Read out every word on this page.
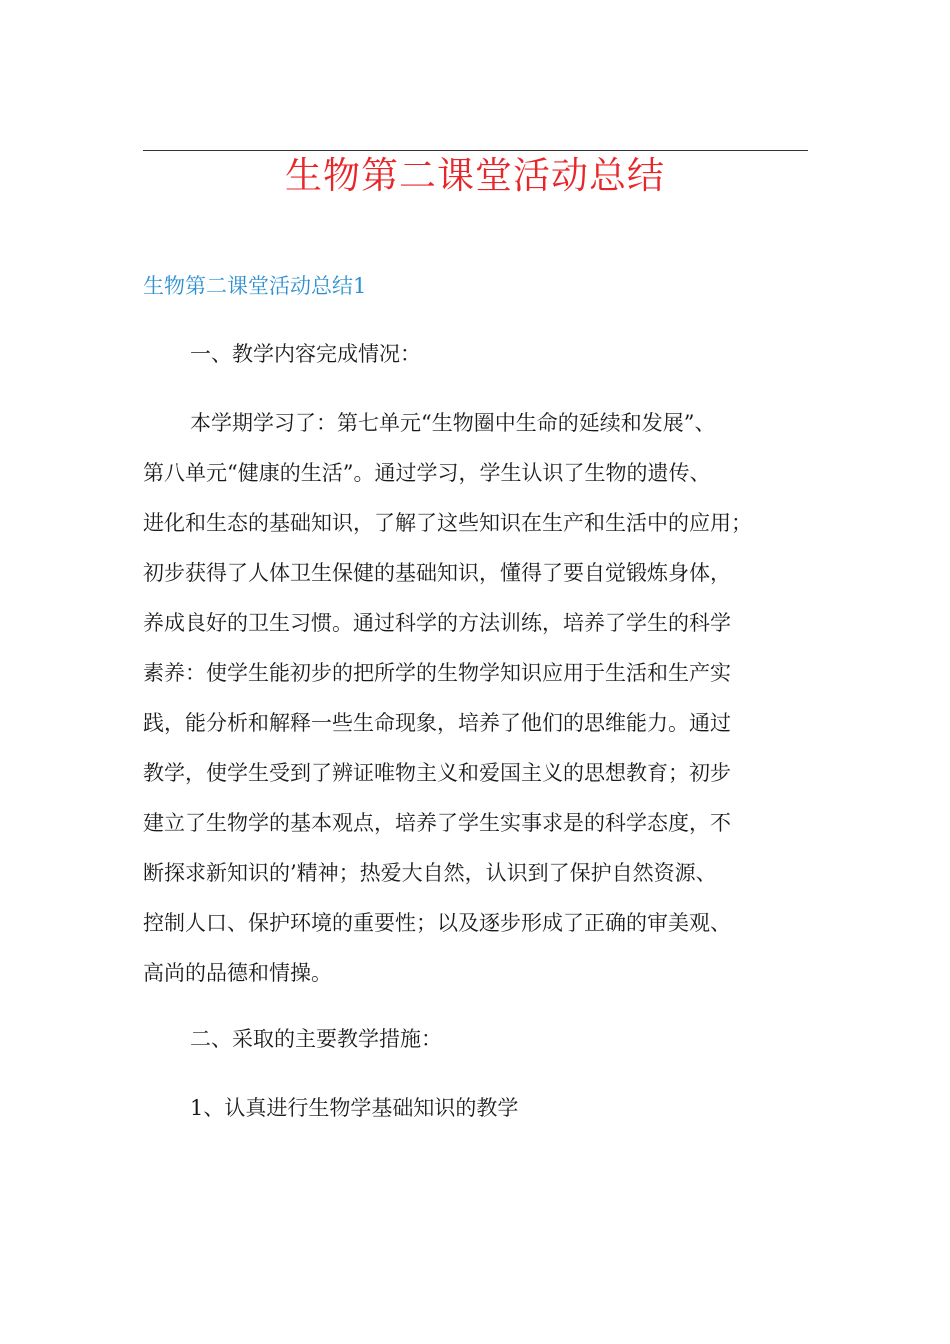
生物第二课堂活动总结
生物第二课堂活动总结1
一、教学内容完成情况：
本学期学习了：第七单元“生物圈中生命的延续和发展”、
第八单元“健康的生活”。通过学习，学生认识了生物的遗传、
进化和生态的基础知识，了解了这些知识在生产和生活中的应用；
初步获得了人体卫生保健的基础知识，懂得了要自觉锻炼身体，
养成良好的卫生习惯。通过科学的方法训练，培养了学生的科学
素养：使学生能初步的把所学的生物学知识应用于生活和生产实
践，能分析和解释一些生命现象，培养了他们的思维能力。通过
教学，使学生受到了辨证唯物主义和爱国主义的思想教育；初步
建立了生物学的基本观点，培养了学生实事求是的科学态度，不
断探求新知识的’精神；热爱大自然，认识到了保护自然资源、
控制人口、保护环境的重要性；以及逐步形成了正确的审美观、
高尚的品德和情操。
二、采取的主要教学措施：
1、认真进行生物学基础知识的教学
